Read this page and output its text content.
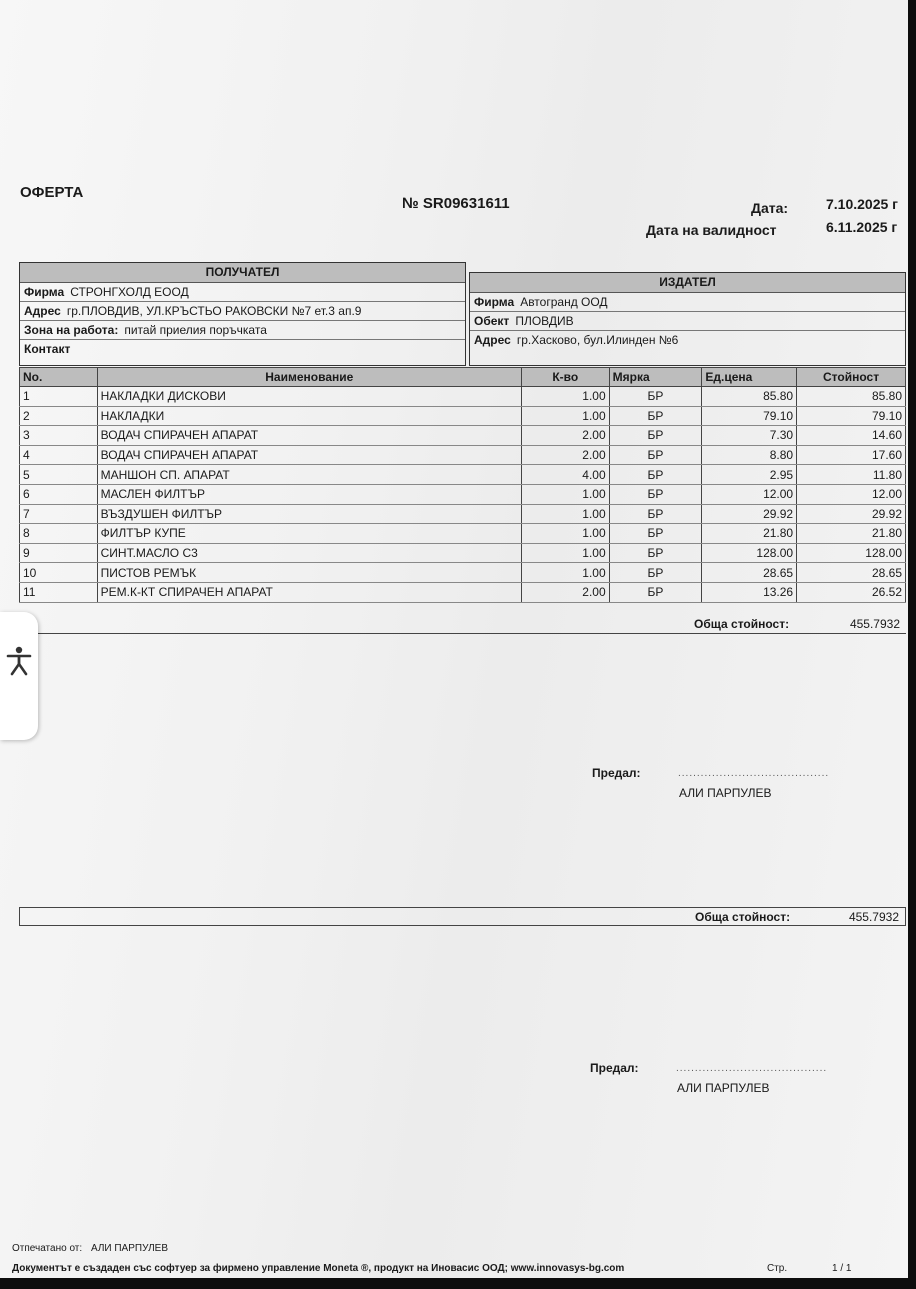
ОФЕРТА
№ SR09631611	Дата:	7.10.2025 г
Дата на валидност	6.11.2025 г
ПОЛУЧАТЕЛ
Фирма СТРОНГХОЛД ЕООД
Адрес гр.ПЛОВДИВ, УЛ.КРЪСТЬО РАКОВСКИ №7 ет.3 ап.9
Зона на работа: питай приелия поръчката
Контакт
ИЗДАТЕЛ
Фирма Автогранд ООД
Обект ПЛОВДИВ
Адрес гр.Хасково, бул.Илинден №6
No.	Наименование	К-во	Мярка	Ед.цена	Стойност
1	НАКЛАДКИ ДИСКОВИ	1.00	БР	85.80	85.80
2	НАКЛАДКИ	1.00	БР	79.10	79.10
3	ВОДАЧ СПИРАЧЕН АПАРАТ	2.00	БР	7.30	14.60
4	ВОДАЧ СПИРАЧЕН АПАРАТ	2.00	БР	8.80	17.60
5	МАНШОН СП. АПАРАТ	4.00	БР	2.95	11.80
6	МАСЛЕН ФИЛТЪР	1.00	БР	12.00	12.00
7	ВЪЗДУШЕН ФИЛТЪР	1.00	БР	29.92	29.92
8	ФИЛТЪР КУПЕ	1.00	БР	21.80	21.80
9	СИНТ.МАСЛО С3	1.00	БР	128.00	128.00
10	ПИСТОВ РЕМЪК	1.00	БР	28.65	28.65
11	РЕМ.К-КТ СПИРАЧЕН АПАРАТ	2.00	БР	13.26	26.52
Обща стойност:	455.7932
Предал:	........................................
АЛИ ПАРПУЛЕВ
Обща стойност:	455.7932
Предал:	........................................
АЛИ ПАРПУЛЕВ
Отпечатано от: АЛИ ПАРПУЛЕВ
Документът е създаден със софтуер за фирмено управление Moneta ®, продукт на Иновасис ООД; www.innovasys-bg.com	Стр.	1 / 1
